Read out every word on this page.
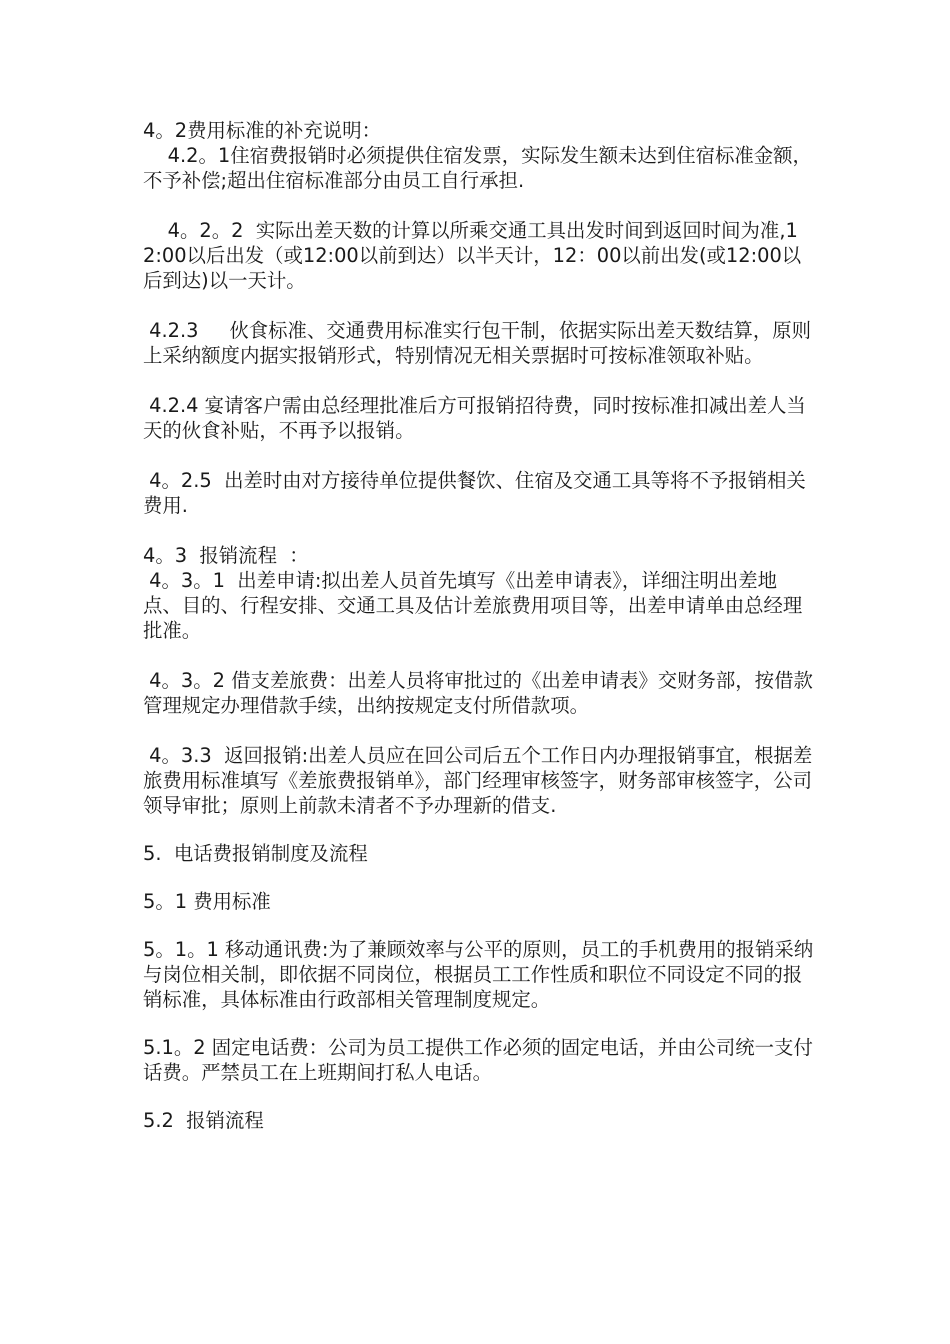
4。2费用标准的补充说明：

4.2。1住宿费报销时必须提供住宿发票，实际发生额未达到住宿标准金额，不予补偿;超出住宿标准部分由员工自行承担.

4。2。2  实际出差天数的计算以所乘交通工具出发时间到返回时间为准,12:00以后出发（或12:00以前到达）以半天计，12：00以前出发(或12:00以后到达)以一天计。

4.2.3     伙食标准、交通费用标准实行包干制，依据实际出差天数结算，原则上采纳额度内据实报销形式，特别情况无相关票据时可按标准领取补贴。

4.2.4 宴请客户需由总经理批准后方可报销招待费，同时按标准扣减出差人当天的伙食补贴，不再予以报销。

4。2.5  出差时由对方接待单位提供餐饮、住宿及交通工具等将不予报销相关费用.

4。3  报销流程  ：

4。3。1  出差申请:拟出差人员首先填写《出差申请表》，详细注明出差地点、目的、行程安排、交通工具及估计差旅费用项目等，出差申请单由总经理批准。

4。3。2 借支差旅费：出差人员将审批过的《出差申请表》交财务部，按借款管理规定办理借款手续，出纳按规定支付所借款项。

4。3.3  返回报销:出差人员应在回公司后五个工作日内办理报销事宜，根据差旅费用标准填写《差旅费报销单》，部门经理审核签字，财务部审核签字，公司领导审批；原则上前款未清者不予办理新的借支.

5.  电话费报销制度及流程

5。1 费用标准

5。1。1 移动通讯费:为了兼顾效率与公平的原则，员工的手机费用的报销采纳与岗位相关制，即依据不同岗位，根据员工工作性质和职位不同设定不同的报销标准，具体标准由行政部相关管理制度规定。

5.1。2 固定电话费：公司为员工提供工作必须的固定电话，并由公司统一支付话费。严禁员工在上班期间打私人电话。

5.2  报销流程
